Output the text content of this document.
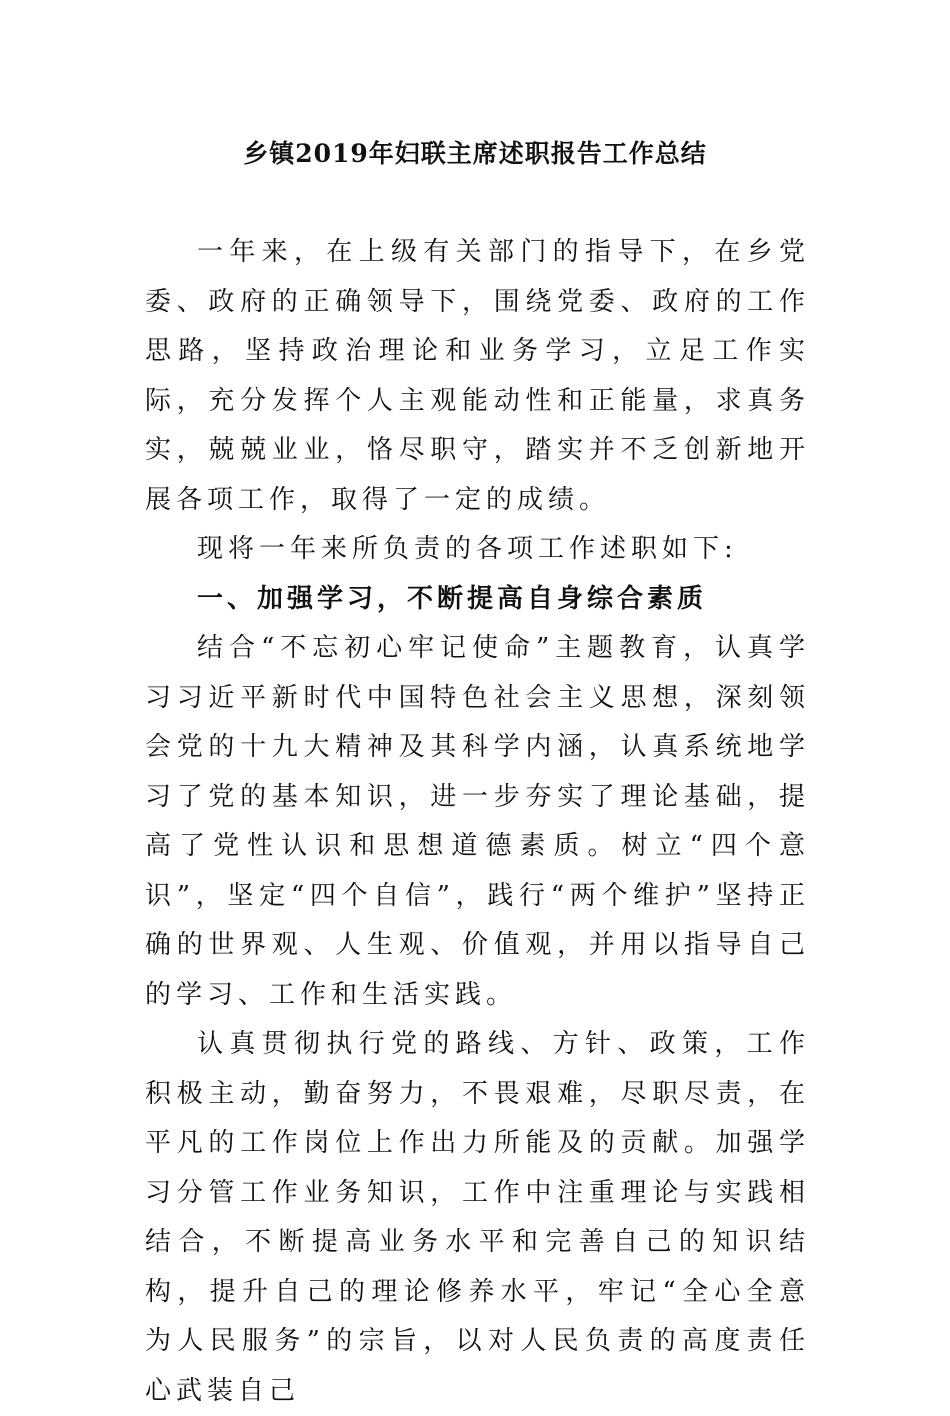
乡镇2019年妇联主席述职报告工作总结

一年来，在上级有关部门的指导下，在乡党委、政府的正确领导下，围绕党委、政府的工作思路，坚持政治理论和业务学习，立足工作实际，充分发挥个人主观能动性和正能量，求真务实，兢兢业业，恪尽职守，踏实并不乏创新地开展各项工作，取得了一定的成绩。

现将一年来所负责的各项工作述职如下:

一、加强学习，不断提高自身综合素质

结合“不忘初心牢记使命”主题教育，认真学习习近平新时代中国特色社会主义思想，深刻领会党的十九大精神及其科学内涵，认真系统地学习了党的基本知识，进一步夯实了理论基础，提高了党性认识和思想道德素质。树立“四个意识”，坚定“四个自信”，践行“两个维护”坚持正确的世界观、人生观、价值观，并用以指导自己的学习、工作和生活实践。

认真贯彻执行党的路线、方针、政策，工作积极主动，勤奋努力，不畏艰难，尽职尽责，在平凡的工作岗位上作出力所能及的贡献。加强学习分管工作业务知识，工作中注重理论与实践相结合，不断提高业务水平和完善自己的知识结构，提升自己的理论修养水平，牢记“全心全意为人民服务”的宗旨，以对人民负责的高度责任心武装自己
